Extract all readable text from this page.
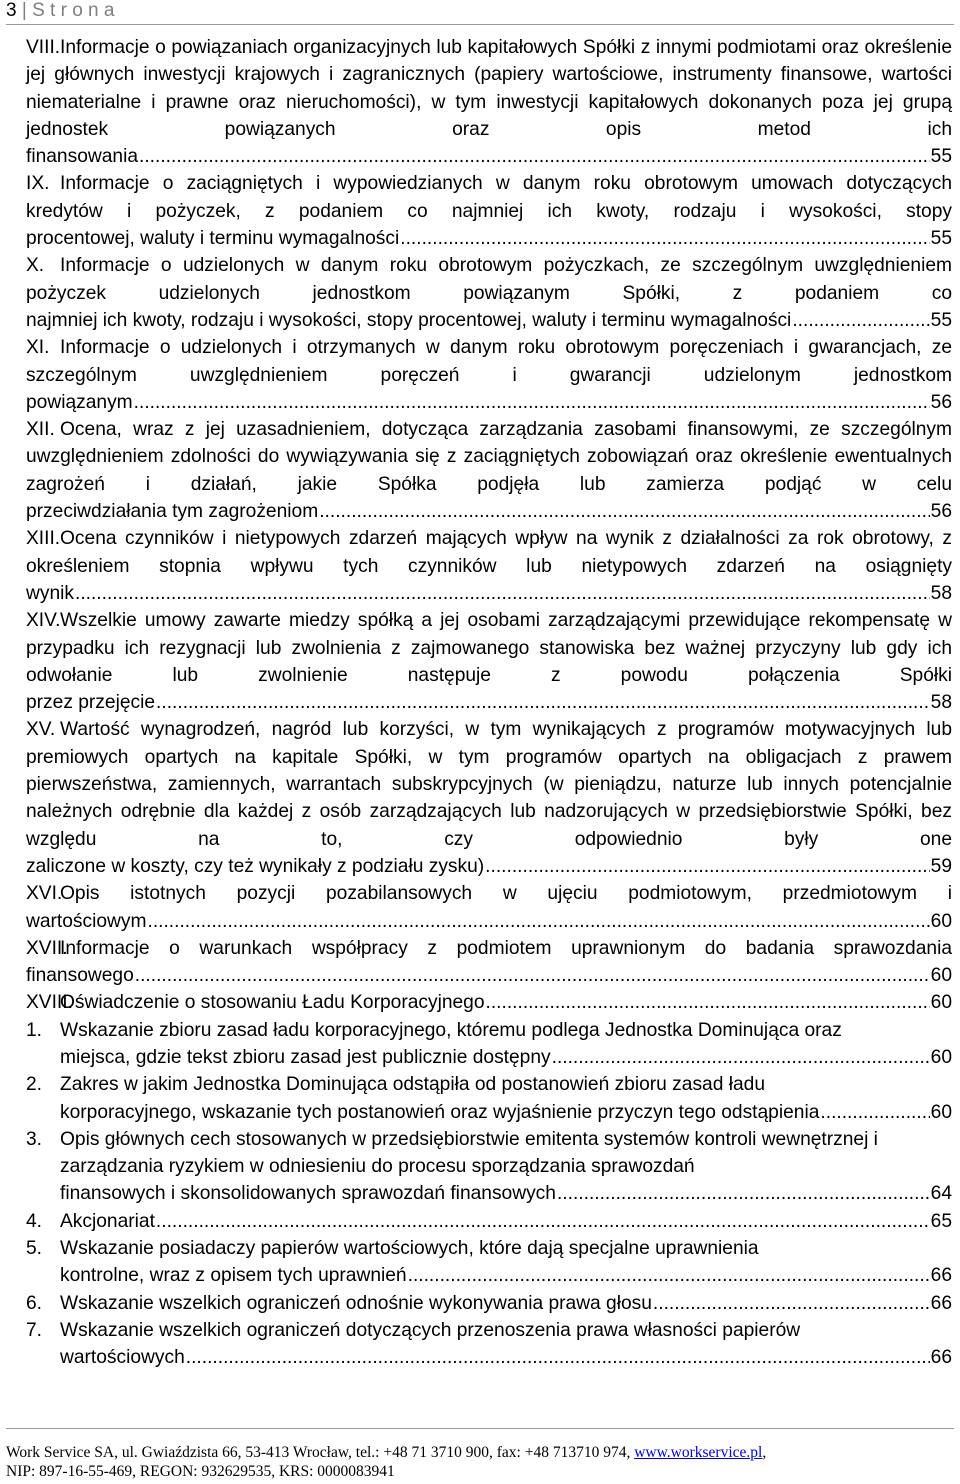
3 | S t r o n a
VIII. Informacje o powiązaniach organizacyjnych lub kapitałowych Spółki z innymi podmiotami oraz określenie jej głównych inwestycji krajowych i zagranicznych (papiery wartościowe, instrumenty finansowe, wartości niematerialne i prawne oraz nieruchomości), w tym inwestycji kapitałowych dokonanych poza jej grupą jednostek powiązanych oraz opis metod ich
finansowania .....	55
IX. Informacje o zaciągniętych i wypowiedzianych w danym roku obrotowym umowach dotyczących kredytów i pożyczek, z podaniem co najmniej ich kwoty, rodzaju i wysokości, stopy
procentowej, waluty i terminu wymagalności .....	55
X. Informacje o udzielonych w danym roku obrotowym pożyczkach, ze szczególnym uwzględnieniem pożyczek udzielonych jednostkom powiązanym Spółki, z podaniem co
najmniej ich kwoty, rodzaju i wysokości, stopy procentowej, waluty i terminu wymagalności .....	55
XI. Informacje o udzielonych i otrzymanych w danym roku obrotowym poręczeniach i gwarancjach, ze szczególnym uwzględnieniem poręczeń i gwarancji udzielonym jednostkom
powiązanym .....	56
XII. Ocena, wraz z jej uzasadnieniem, dotycząca zarządzania zasobami finansowymi, ze szczególnym uwzględnieniem zdolności do wywiązywania się z zaciągniętych zobowiązań oraz określenie ewentualnych zagrożeń i działań, jakie Spółka podjęła lub zamierza podjąć w celu
przeciwdziałania tym zagrożeniom .....	56
XIII. Ocena czynników i nietypowych zdarzeń mających wpływ na wynik z działalności za rok obrotowy, z określeniem stopnia wpływu tych czynników lub nietypowych zdarzeń na osiągnięty
wynik .....	58
XIV. Wszelkie umowy zawarte miedzy spółką a jej osobami zarządzającymi przewidujące rekompensatę w przypadku ich rezygnacji lub zwolnienia z zajmowanego stanowiska bez ważnej przyczyny lub gdy ich odwołanie lub zwolnienie następuje z powodu połączenia Spółki
przez przejęcie .....	58
XV. Wartość wynagrodzeń, nagród lub korzyści, w tym wynikających z programów motywacyjnych lub premiowych opartych na kapitale Spółki, w tym programów opartych na obligacjach z prawem pierwszeństwa, zamiennych, warrantach subskrypcyjnych (w pieniądzu, naturze lub innych potencjalnie należnych odrębnie dla każdej z osób zarządzających lub nadzorujących w przedsiębiorstwie Spółki, bez względu na to, czy odpowiednio były one
zaliczone w koszty, czy też wynikały z podziału zysku) .....	59
XVI.
Opis istotnych pozycji pozabilansowych w ujęciu podmiotowym, przedmiotowym i
wartościowym .....	60
XVII.
Informacje o warunkach współpracy z podmiotem uprawnionym do badania sprawozdania
finansowego .....	60
XVIII.
Oświadczenie o stosowaniu Ładu Korporacyjnego .....	60
1. Wskazanie zbioru zasad ładu korporacyjnego, któremu podlega Jednostka Dominująca oraz
miejsca, gdzie tekst zbioru zasad jest publicznie dostępny .....	60
2. Zakres w jakim Jednostka Dominująca odstąpiła od postanowień zbioru zasad ładu
korporacyjnego, wskazanie tych postanowień oraz wyjaśnienie przyczyn tego odstąpienia .....	60
3. Opis głównych cech stosowanych w przedsiębiorstwie emitenta systemów kontroli wewnętrznej i zarządzania ryzykiem w odniesieniu do procesu sporządzania sprawozdań
finansowych i skonsolidowanych sprawozdań finansowych .....	64
4. Akcjonariat .....	65
5. Wskazanie posiadaczy papierów wartościowych, które dają specjalne uprawnienia
kontrolne, wraz z opisem tych uprawnień .....	66
6. Wskazanie wszelkich ograniczeń odnośnie wykonywania prawa głosu .....	66
7. Wskazanie wszelkich ograniczeń dotyczących przenoszenia prawa własności papierów
wartościowych .....	66
Work Service SA, ul. Gwiaździsta 66, 53-413 Wrocław, tel.: +48 71 3710 900, fax: +48 713710 974, www.workservice.pl,
NIP: 897-16-55-469, REGON: 932629535, KRS: 0000083941
